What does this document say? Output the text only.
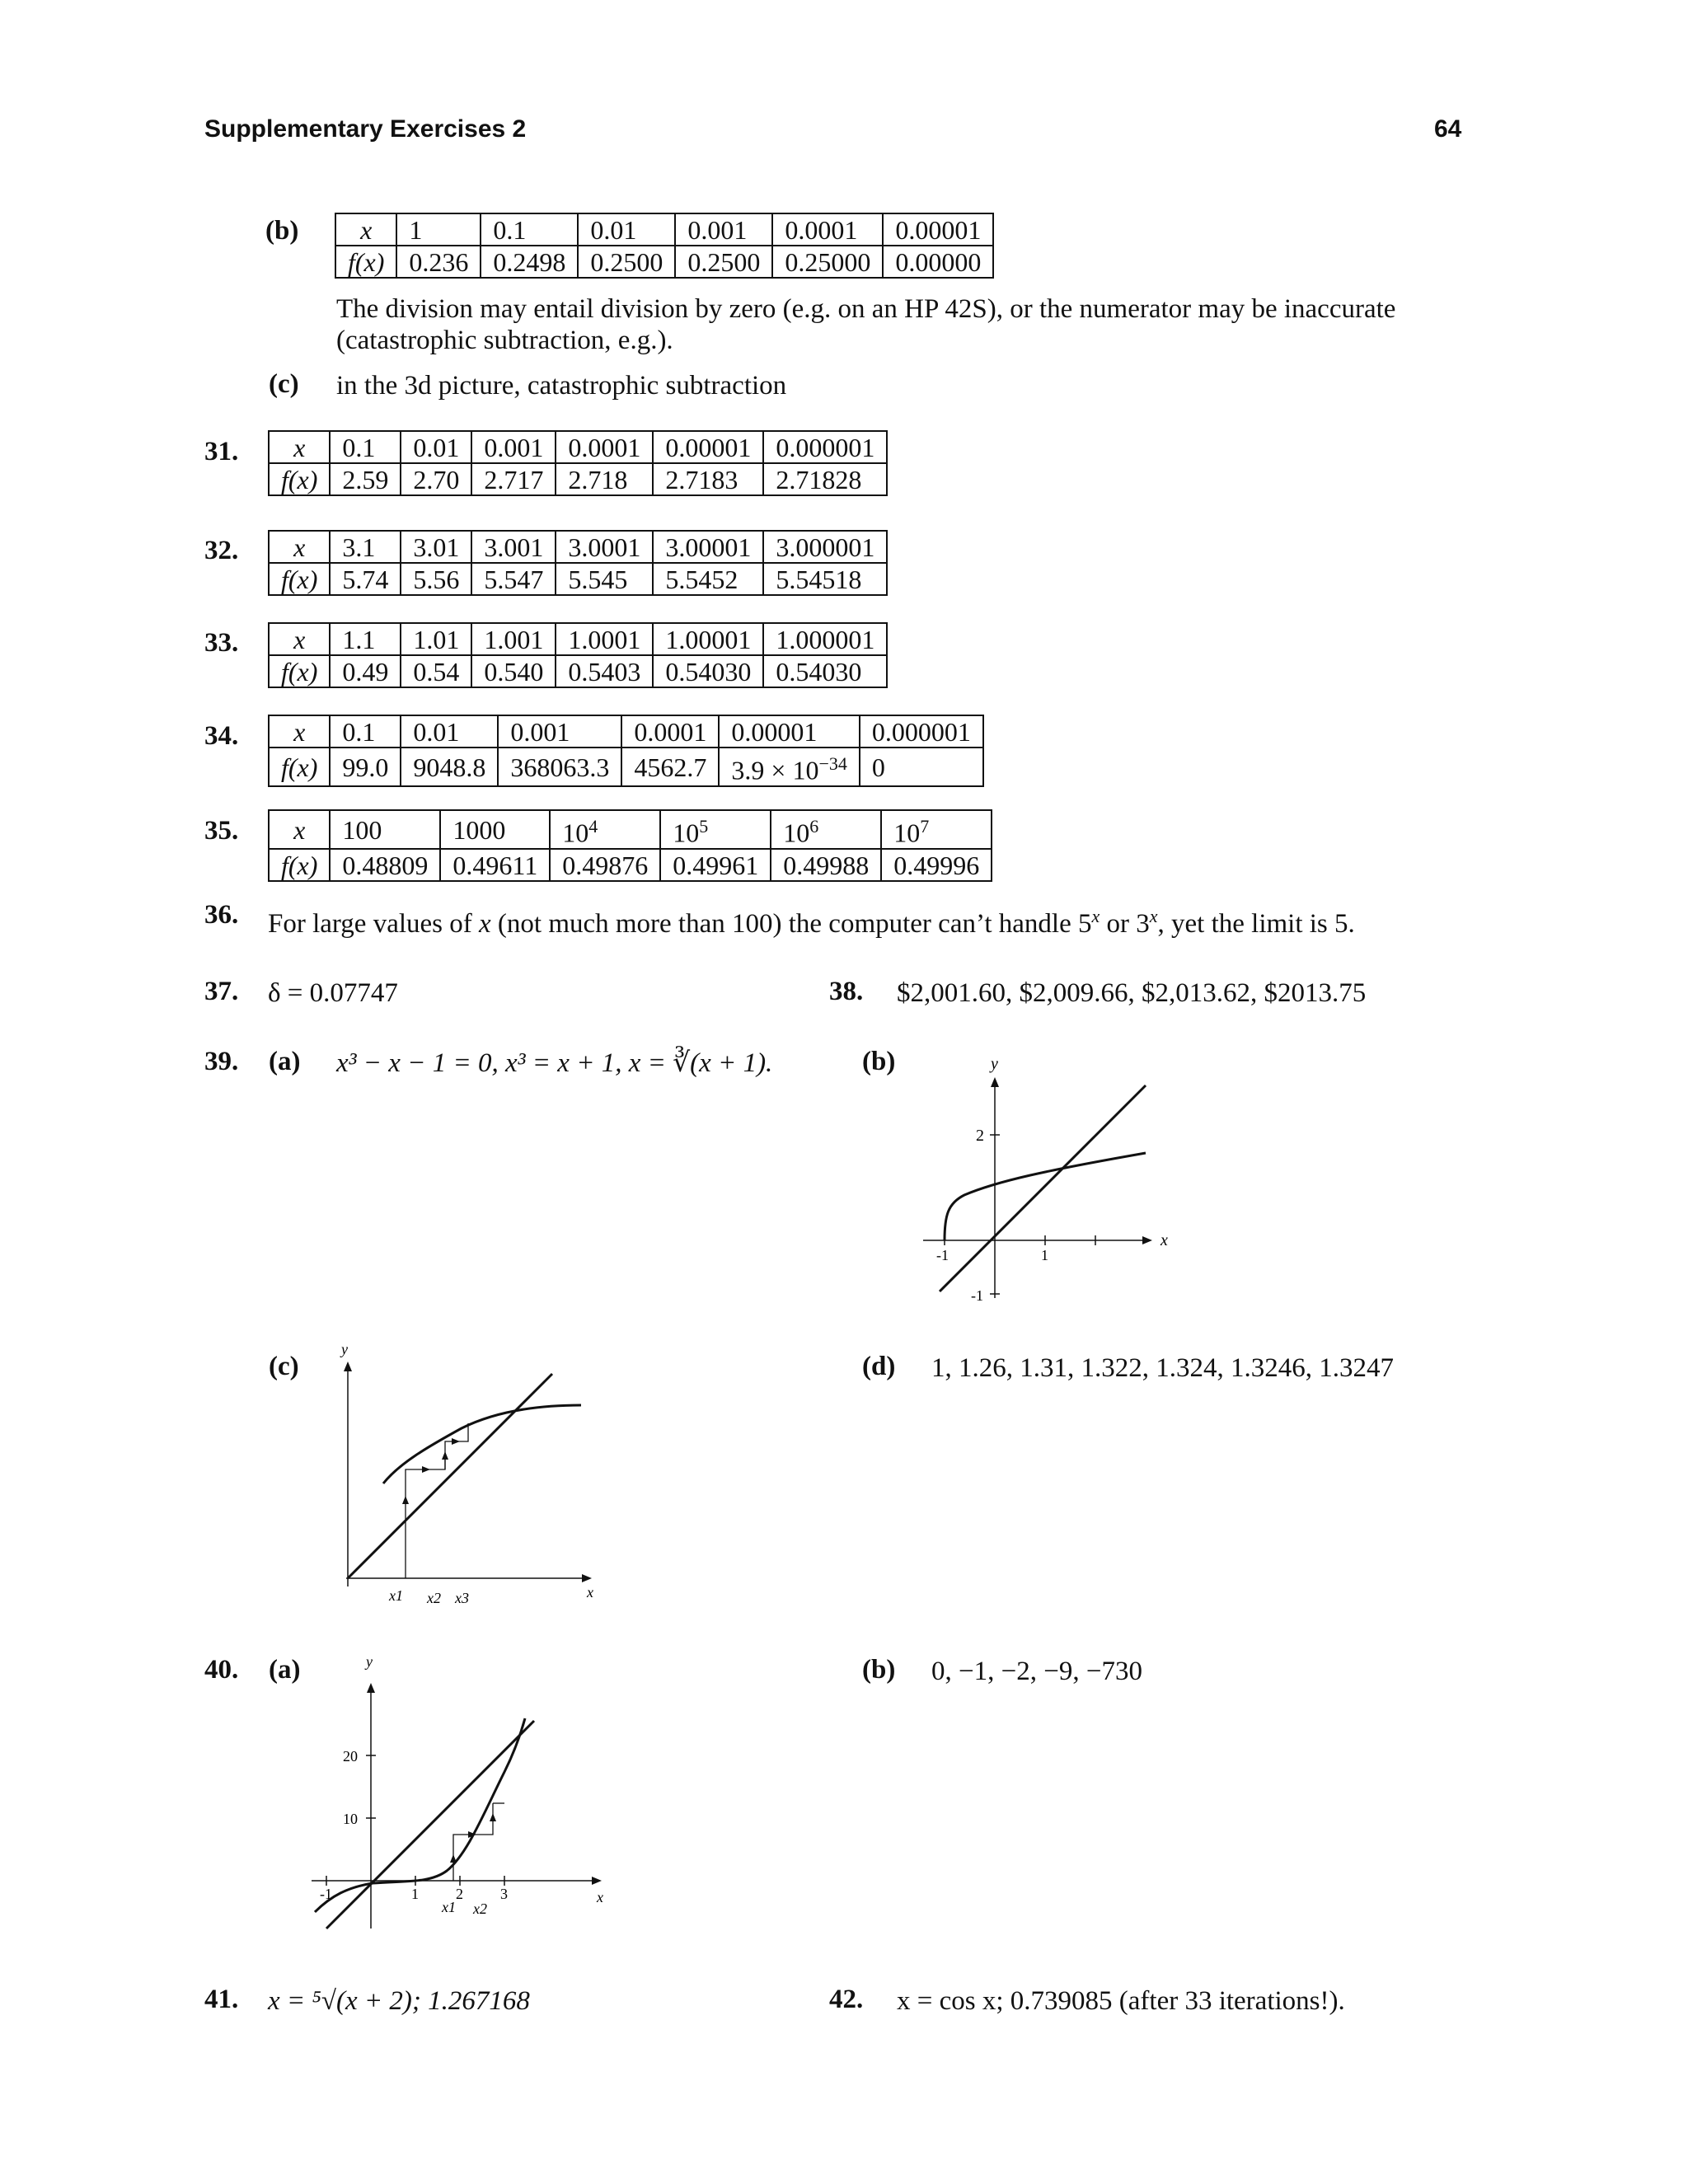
Supplementary Exercises 2	64
(b) x	1	0.1	0.01	0.001	0.0001	0.00001
f(x)	0.236	0.2498	0.2500	0.2500	0.25000	0.00000
The division may entail division by zero (e.g. on an HP 42S), or the numerator may be inaccurate
(catastrophic subtraction, e.g.).
(c) in the 3d picture, catastrophic subtraction
31. x	0.1	0.01	0.001	0.0001	0.00001	0.000001
f(x)	2.59	2.70	2.717	2.718	2.7183	2.71828
32. x	3.1	3.01	3.001	3.0001	3.00001	3.000001
f(x)	5.74	5.56	5.547	5.545	5.5452	5.54518
33. x	1.1	1.01	1.001	1.0001	1.00001	1.000001
f(x)	0.49	0.54	0.540	0.5403	0.54030	0.54030
34. x	0.1	0.01	0.001	0.0001	0.00001	0.000001
f(x)	99.0	9048.8	368063.3	4562.7	$3.9 \times 10^{-34}$	0
35. x	100	1000	$10^4$	$10^5$	$10^6$	$10^7$
f(x)	0.48809	0.49611	0.49876	0.49961	0.49988	0.49996
36. For large values of x (not much more than 100) the computer can’t handle 5$^x$ or 3$^x$, yet the limit is 5.
37. δ = 0.07747	38. $2,001.60, $2,009.66, $2,013.62, $2013.75
39. (a) x³ − x − 1 = 0, x³ = x + 1, x = ∛(x + 1).	(b)	y
x
2
-1	1
-1
(c)
y
x
x1 x2 x3
(d) 1, 1.26, 1.31, 1.322, 1.324, 1.3246, 1.3247
40. (a)	y
x
20
10
-1	1	2	3
x1 x2
(b) 0, −1, −2, −9, −730
41. x = ⁵√(x + 2); 1.267168	42. x = cos x; 0.739085 (after 33 iterations!).
